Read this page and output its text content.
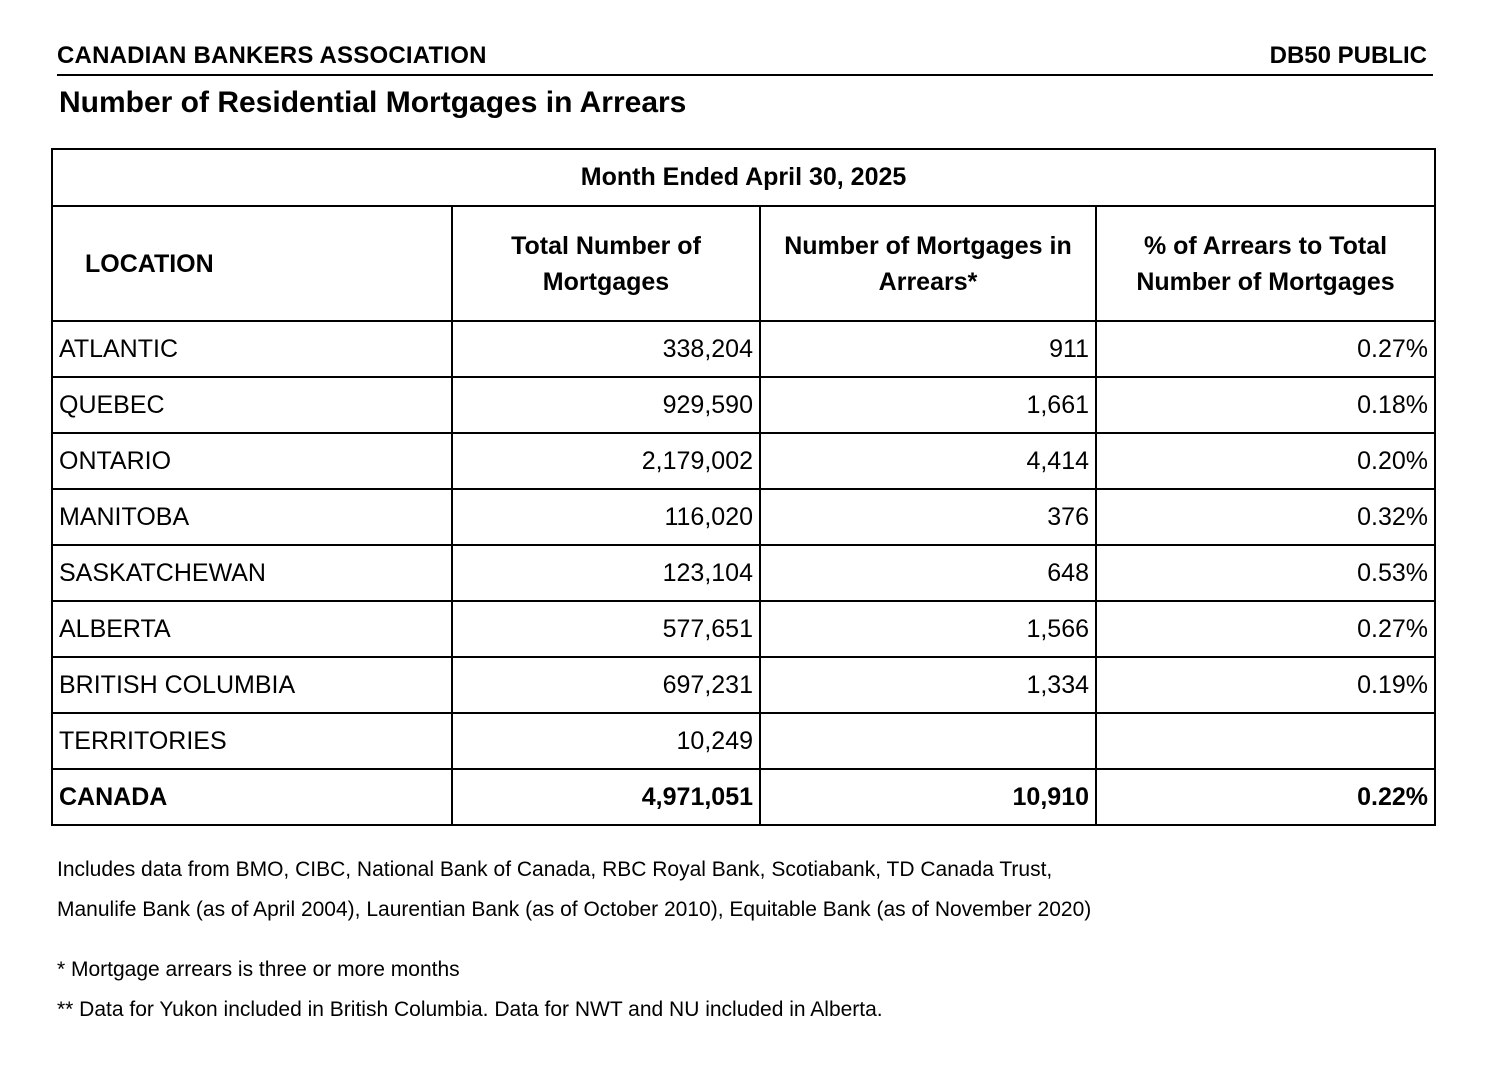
CANADIAN BANKERS ASSOCIATION	DB50 PUBLIC
Number of Residential Mortgages in Arrears
Month Ended April 30, 2025			
LOCATION	Total Number of Mortgages	Number of Mortgages in Arrears*	% of Arrears to Total Number of Mortgages
ATLANTIC	338,204	911	0.27%
QUEBEC	929,590	1,661	0.18%
ONTARIO	2,179,002	4,414	0.20%
MANITOBA	116,020	376	0.32%
SASKATCHEWAN	123,104	648	0.53%
ALBERTA	577,651	1,566	0.27%
BRITISH COLUMBIA	697,231	1,334	0.19%
TERRITORIES	10,249		
CANADA	4,971,051	10,910	0.22%

Includes data from BMO, CIBC, National Bank of Canada, RBC Royal Bank, Scotiabank, TD Canada Trust,

Manulife Bank (as of April 2004), Laurentian Bank (as of October 2010), Equitable Bank (as of November 2020)

* Mortgage arrears is three or more months

** Data for Yukon included in British Columbia. Data for NWT and NU included in Alberta.
